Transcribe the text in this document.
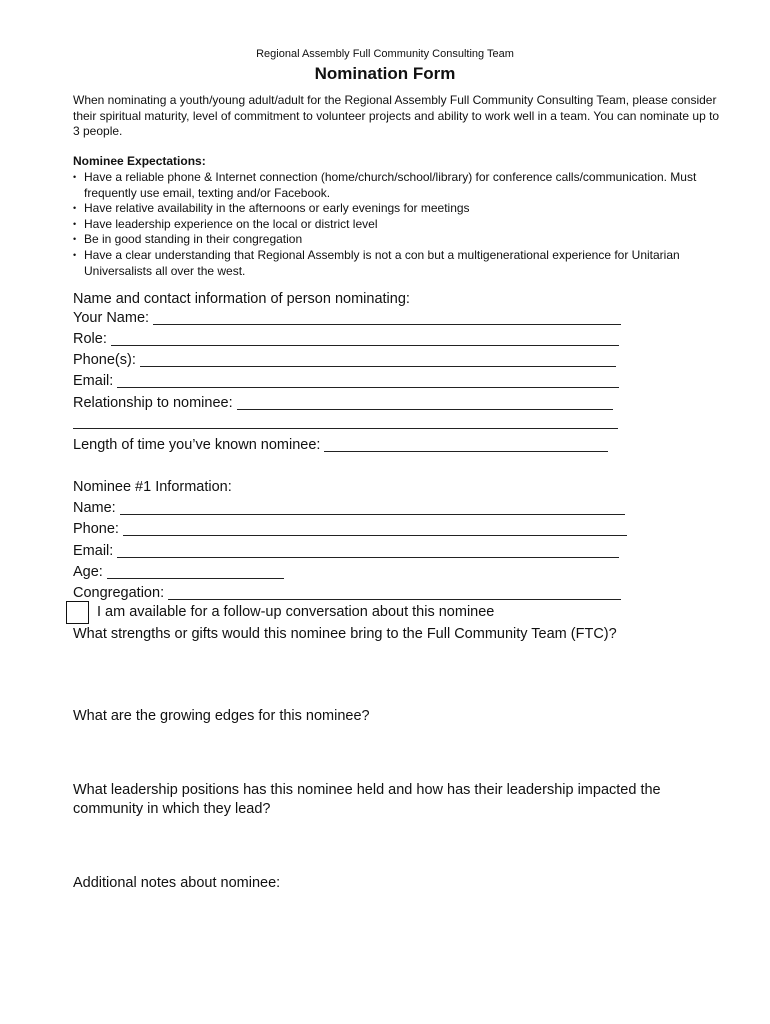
Regional Assembly Full Community Consulting Team
Nomination Form
When nominating a youth/young adult/adult for the Regional Assembly Full Community Consulting Team, please consider their spiritual maturity, level of commitment to volunteer projects and ability to work well in a team. You can nominate up to 3 people.
Nominee Expectations:
• Have a reliable phone & Internet connection (home/church/school/library) for conference calls/communication. Must frequently use email, texting and/or Facebook.
• Have relative availability in the afternoons or early evenings for meetings
• Have leadership experience on the local or district level
• Be in good standing in their congregation
• Have a clear understanding that Regional Assembly is not a con but a multigenerational experience for Unitarian Universalists all over the west.
Name and contact information of person nominating:
Your Name:
Role:
Phone(s):
Email:
Relationship to nominee:
Length of time you’ve known nominee:
Nominee #1 Information:
Name:
Phone:
Email:
Age:
Congregation:
I am available for a follow-up conversation about this nominee
What strengths or gifts would this nominee bring to the Full Community Team (FTC)?
What are the growing edges for this nominee?
What leadership positions has this nominee held and how has their leadership impacted the community in which they lead?
Additional notes about nominee:
